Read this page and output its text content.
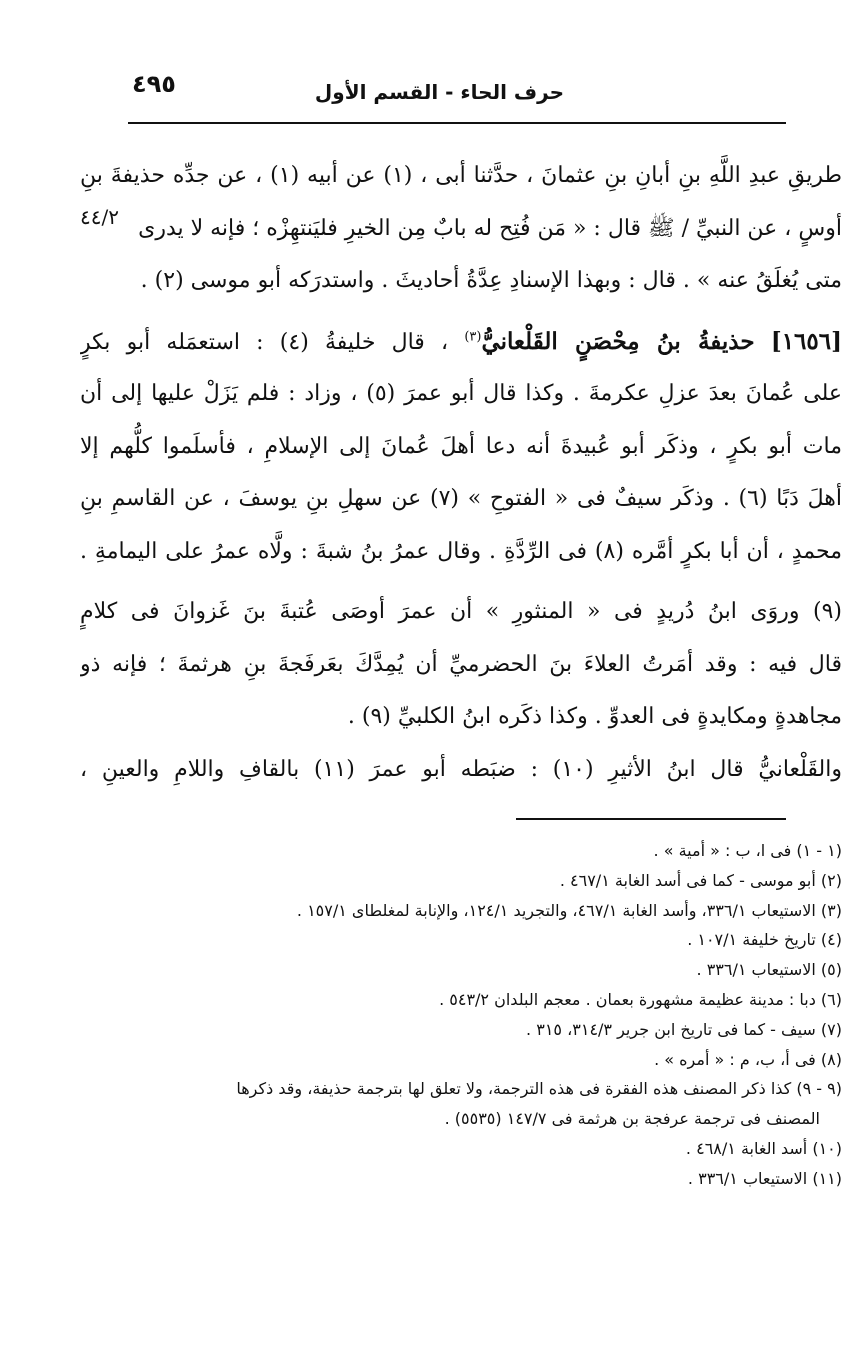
٤٩٥	حرف الحاء - القسم الأول
٤٤/٢
طريقِ عبدِ اللَّهِ بنِ أبانِ بنِ عثمانَ ، حدَّثنا أبى ، (١) عن أبيه (١) ، عن جدِّه حذيفةَ بنِ
أوسٍ ، عن النبيِّ / ﷺ قال : « مَن فُتِح له بابٌ مِن الخيرِ فليَنتهِزْه ؛ فإنه لا يدرى
متى يُغلَقُ عنه » . قال : وبهذا الإسنادِ عِدَّةُ أحاديثَ . واستدرَكه أبو موسى (٢) .
[١٦٥٦] حذيفةُ بنُ مِحْصَنٍ القَلْعانيُّ$^{(٣)}$ ، قال خليفةُ (٤) : استعمَله أبو بكرٍ
على عُمانَ بعدَ عزلِ عكرمةَ . وكذا قال أبو عمرَ (٥) ، وزاد : فلم يَزَلْ عليها إلى أن
مات أبو بكرٍ ، وذكَر أبو عُبيدةَ أنه دعا أهلَ عُمانَ إلى الإسلامِ ، فأسلَموا كلُّهم إلا
أهلَ دَبًا (٦) . وذكَر سيفٌ فى « الفتوحِ » (٧) عن سهلِ بنِ يوسفَ ، عن القاسمِ بنِ
محمدٍ ، أن أبا بكرٍ أمَّره (٨) فى الرِّدَّةِ . وقال عمرُ بنُ شبةَ : ولَّاه عمرُ على اليمامةِ .
(٩) وروَى ابنُ دُريدٍ فى « المنثورِ » أن عمرَ أوصَى عُتبةَ بنَ غَزوانَ فى كلامٍ
قال فيه : وقد أمَرتُ العلاءَ بنَ الحضرميِّ أن يُمِدَّكَ بعَرفَجةَ بنِ هرثمةَ ؛ فإنه ذو
مجاهدةٍ ومكايدةٍ فى العدوِّ . وكذا ذكَره ابنُ الكلبيِّ (٩) .
والقَلْعانيُّ قال ابنُ الأثيرِ (١٠) : ضبَطه أبو عمرَ (١١) بالقافِ واللامِ والعينِ ،
(١ - ١) فى ا، ب : « أمية » .
(٢) أبو موسى - كما فى أسد الغابة ٤٦٧/١ .
(٣) الاستيعاب ٣٣٦/١، وأسد الغابة ٤٦٧/١، والتجريد ١٢٤/١، والإنابة لمغلطاى ١٥٧/١ .
(٤) تاريخ خليفة ١٠٧/١ .
(٥) الاستيعاب ٣٣٦/١ .
(٦) دبا : مدينة عظيمة مشهورة بعمان . معجم البلدان ٥٤٣/٢ .
(٧) سيف - كما فى تاريخ ابن جرير ٣١٤/٣، ٣١٥ .
(٨) فى أ، ب، م : « أمره » .
(٩ - ٩) كذا ذكر المصنف هذه الفقرة فى هذه الترجمة، ولا تعلق لها بترجمة حذيفة، وقد ذكرها
المصنف فى ترجمة عرفجة بن هرثمة فى ١٤٧/٧ (٥٥٣٥) .
(١٠) أسد الغابة ٤٦٨/١ .
(١١) الاستيعاب ٣٣٦/١ .
